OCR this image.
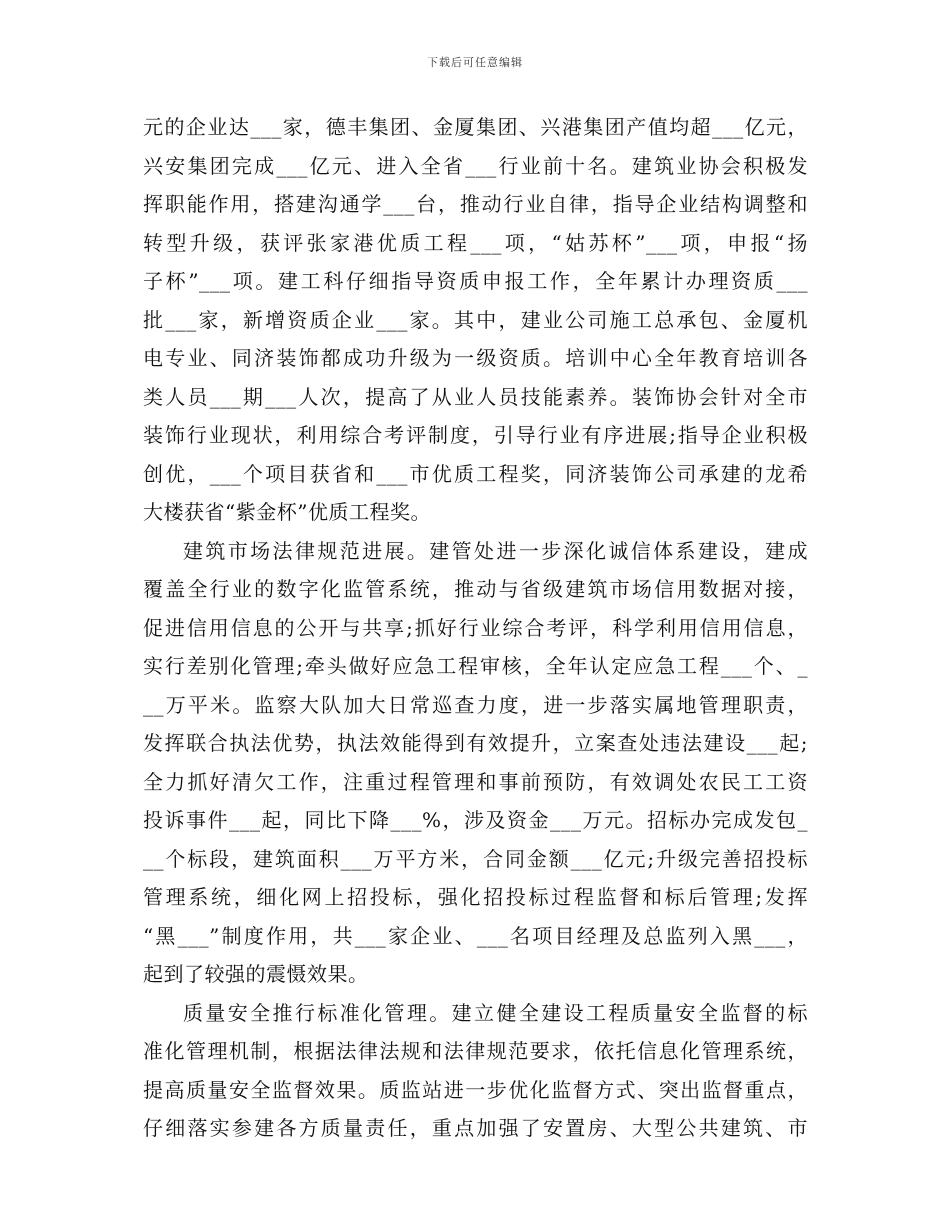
下载后可任意编辑
元的企业达___家，德丰集团、金厦集团、兴港集团产值均超___亿元，
兴安集团完成___亿元、进入全省___行业前十名。建筑业协会积极发
挥职能作用，搭建沟通学___台，推动行业自律，指导企业结构调整和
转型升级，获评张家港优质工程___项，“姑苏杯”___项，申报“扬
子杯”___项。建工科仔细指导资质申报工作，全年累计办理资质___
批___家，新增资质企业___家。其中，建业公司施工总承包、金厦机
电专业、同济装饰都成功升级为一级资质。培训中心全年教育培训各
类人员___期___人次，提高了从业人员技能素养。装饰协会针对全市
装饰行业现状，利用综合考评制度，引导行业有序进展;指导企业积极
创优，___个项目获省和___市优质工程奖，同济装饰公司承建的龙希
大楼获省“紫金杯”优质工程奖。
建筑市场法律规范进展。建管处进一步深化诚信体系建设，建成
覆盖全行业的数字化监管系统，推动与省级建筑市场信用数据对接，
促进信用信息的公开与共享;抓好行业综合考评，科学利用信用信息，
实行差别化管理;牵头做好应急工程审核，全年认定应急工程___个、_
__万平米。监察大队加大日常巡查力度，进一步落实属地管理职责，
发挥联合执法优势，执法效能得到有效提升，立案查处违法建设___起;
全力抓好清欠工作，注重过程管理和事前预防，有效调处农民工工资
投诉事件___起，同比下降___%，涉及资金___万元。招标办完成发包_
__个标段，建筑面积___万平方米，合同金额___亿元;升级完善招投标
管理系统，细化网上招投标，强化招投标过程监督和标后管理;发挥
“黑___”制度作用，共___家企业、___名项目经理及总监列入黑___，
起到了较强的震慑效果。
质量安全推行标准化管理。建立健全建设工程质量安全监督的标
准化管理机制，根据法律法规和法律规范要求，依托信息化管理系统，
提高质量安全监督效果。质监站进一步优化监督方式、突出监督重点，
仔细落实参建各方质量责任，重点加强了安置房、大型公共建筑、市
